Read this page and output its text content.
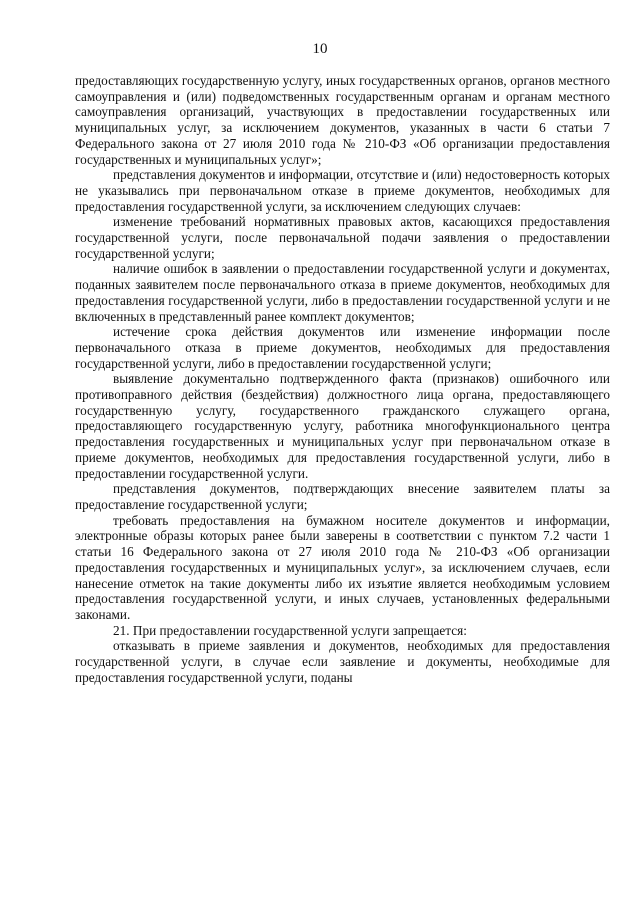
10

предоставляющих государственную услугу, иных государственных органов, органов местного самоуправления и (или) подведомственных государственным органам и органам местного самоуправления организаций, участвующих в предоставлении государственных или муниципальных услуг, за исключением документов, указанных в части 6 статьи 7 Федерального закона от 27 июля 2010 года № 210-ФЗ «Об организации предоставления государственных и муниципальных услуг»;

представления документов и информации, отсутствие и (или) недостоверность которых не указывались при первоначальном отказе в приеме документов, необходимых для предоставления государственной услуги, за исключением следующих случаев:

изменение требований нормативных правовых актов, касающихся предоставления государственной услуги, после первоначальной подачи заявления о предоставлении государственной услуги;

наличие ошибок в заявлении о предоставлении государственной услуги и документах, поданных заявителем после первоначального отказа в приеме документов, необходимых для предоставления государственной услуги, либо в предоставлении государственной услуги и не включенных в представленный ранее комплект документов;

истечение срока действия документов или изменение информации после первоначального отказа в приеме документов, необходимых для предоставления государственной услуги, либо в предоставлении государственной услуги;

выявление документально подтвержденного факта (признаков) ошибочного или противоправного действия (бездействия) должностного лица органа, предоставляющего государственную услугу, государственного гражданского служащего органа, предоставляющего государственную услугу, работника многофункционального центра предоставления государственных и муниципальных услуг при первоначальном отказе в приеме документов, необходимых для предоставления государственной услуги, либо в предоставлении государственной услуги.

представления документов, подтверждающих внесение заявителем платы за предоставление государственной услуги;

требовать предоставления на бумажном носителе документов и информации, электронные образы которых ранее были заверены в соответствии с пунктом 7.2 части 1 статьи 16 Федерального закона от 27 июля 2010 года № 210-ФЗ «Об организации предоставления государственных и муниципальных услуг», за исключением случаев, если нанесение отметок на такие документы либо их изъятие является необходимым условием предоставления государственной услуги, и иных случаев, установленных федеральными законами.

21. При предоставлении государственной услуги запрещается:

отказывать в приеме заявления и документов, необходимых для предоставления государственной услуги, в случае если заявление и документы, необходимые для предоставления государственной услуги, поданы
